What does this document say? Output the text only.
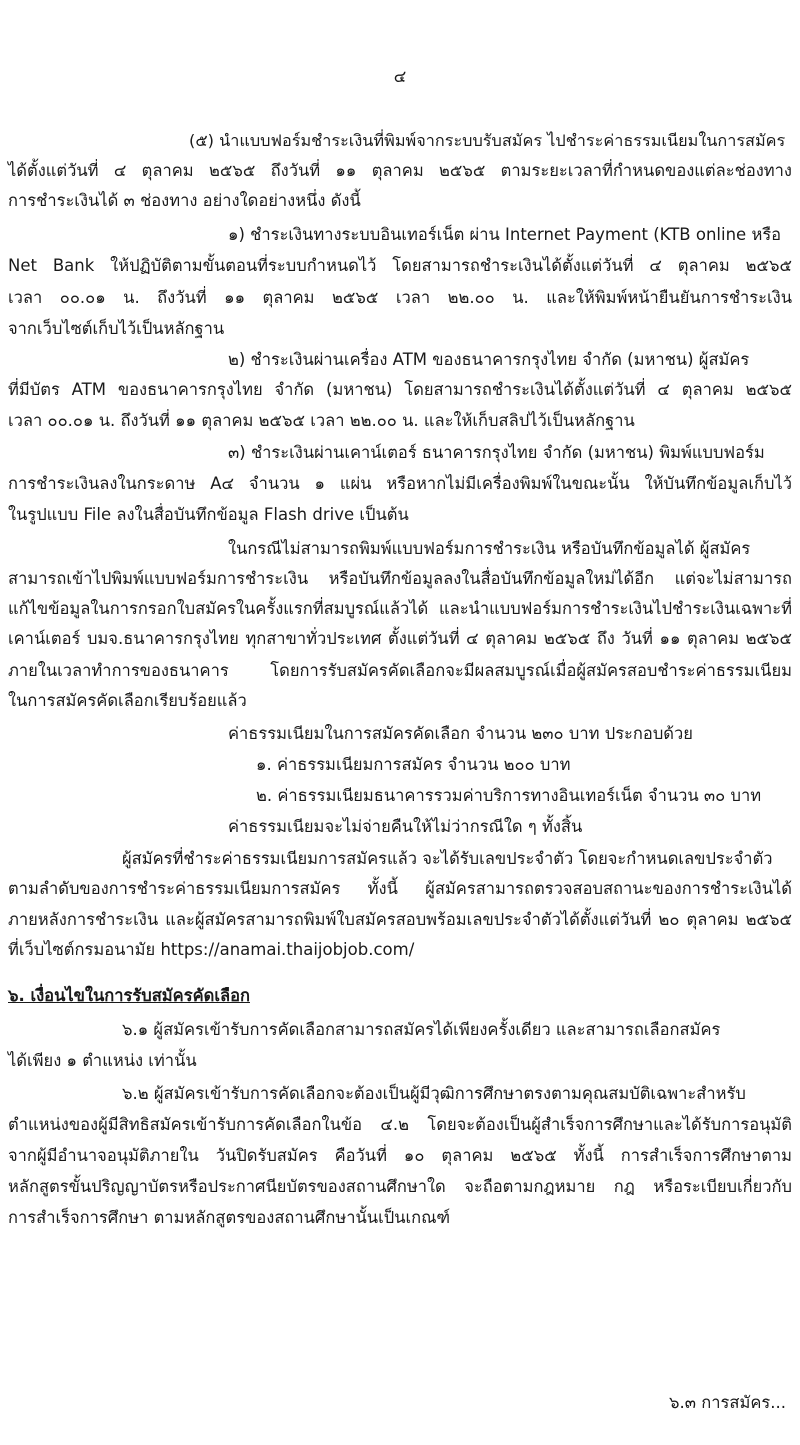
๔
(๕) นำแบบฟอร์มชำระเงินที่พิมพ์จากระบบรับสมัคร ไปชำระค่าธรรมเนียมในการสมัคร
ได้ตั้งแต่วันที่ ๔ ตุลาคม ๒๕๖๕ ถึงวันที่ ๑๑ ตุลาคม ๒๕๖๕ ตามระยะเวลาที่กำหนดของแต่ละช่องทาง
การชำระเงินได้ ๓ ช่องทาง อย่างใดอย่างหนึ่ง ดังนี้
๑) ชำระเงินทางระบบอินเทอร์เน็ต ผ่าน Internet Payment (KTB online หรือ
Net Bank ให้ปฏิบัติตามขั้นตอนที่ระบบกำหนดไว้ โดยสามารถชำระเงินได้ตั้งแต่วันที่ ๔ ตุลาคม ๒๕๖๕
เวลา ๐๐.๐๑ น. ถึงวันที่ ๑๑ ตุลาคม ๒๕๖๕ เวลา ๒๒.๐๐ น. และให้พิมพ์หน้ายืนยันการชำระเงิน
จากเว็บไซต์เก็บไว้เป็นหลักฐาน
๒) ชำระเงินผ่านเครื่อง ATM ของธนาคารกรุงไทย จำกัด (มหาชน) ผู้สมัคร
ที่มีบัตร ATM ของธนาคารกรุงไทย จำกัด (มหาชน) โดยสามารถชำระเงินได้ตั้งแต่วันที่ ๔ ตุลาคม ๒๕๖๕
เวลา ๐๐.๐๑ น. ถึงวันที่ ๑๑ ตุลาคม ๒๕๖๕ เวลา ๒๒.๐๐ น. และให้เก็บสลิปไว้เป็นหลักฐาน
๓) ชำระเงินผ่านเคาน์เตอร์ ธนาคารกรุงไทย จำกัด (มหาชน) พิมพ์แบบฟอร์ม
การชำระเงินลงในกระดาษ A๔ จำนวน ๑ แผ่น หรือหากไม่มีเครื่องพิมพ์ในขณะนั้น ให้บันทึกข้อมูลเก็บไว้
ในรูปแบบ File ลงในสื่อบันทึกข้อมูล Flash drive เป็นต้น
ในกรณีไม่สามารถพิมพ์แบบฟอร์มการชำระเงิน หรือบันทึกข้อมูลได้ ผู้สมัคร
สามารถเข้าไปพิมพ์แบบฟอร์มการชำระเงิน หรือบันทึกข้อมูลลงในสื่อบันทึกข้อมูลใหม่ได้อีก แต่จะไม่สามารถ
แก้ไขข้อมูลในการกรอกใบสมัครในครั้งแรกที่สมบูรณ์แล้วได้ และนำแบบฟอร์มการชำระเงินไปชำระเงินเฉพาะที่
เคาน์เตอร์ บมจ.ธนาคารกรุงไทย ทุกสาขาทั่วประเทศ ตั้งแต่วันที่ ๔ ตุลาคม ๒๕๖๕ ถึง วันที่ ๑๑ ตุลาคม ๒๕๖๕
ภายในเวลาทำการของธนาคาร โดยการรับสมัครคัดเลือกจะมีผลสมบูรณ์เมื่อผู้สมัครสอบชำระค่าธรรมเนียม
ในการสมัครคัดเลือกเรียบร้อยแล้ว
ค่าธรรมเนียมในการสมัครคัดเลือก จำนวน ๒๓๐ บาท ประกอบด้วย
๑. ค่าธรรมเนียมการสมัคร จำนวน ๒๐๐ บาท
๒. ค่าธรรมเนียมธนาคารรวมค่าบริการทางอินเทอร์เน็ต จำนวน ๓๐ บาท
ค่าธรรมเนียมจะไม่จ่ายคืนให้ไม่ว่ากรณีใด ๆ ทั้งสิ้น
ผู้สมัครที่ชำระค่าธรรมเนียมการสมัครแล้ว จะได้รับเลขประจำตัว โดยจะกำหนดเลขประจำตัว
ตามลำดับของการชำระค่าธรรมเนียมการสมัคร ทั้งนี้ ผู้สมัครสามารถตรวจสอบสถานะของการชำระเงินได้
ภายหลังการชำระเงิน และผู้สมัครสามารถพิมพ์ใบสมัครสอบพร้อมเลขประจำตัวได้ตั้งแต่วันที่ ๒๐ ตุลาคม ๒๕๖๕
ที่เว็บไซต์กรมอนามัย https://anamai.thaijobjob.com/
๖. เงื่อนไขในการรับสมัครคัดเลือก
๖.๑ ผู้สมัครเข้ารับการคัดเลือกสามารถสมัครได้เพียงครั้งเดียว และสามารถเลือกสมัคร
ได้เพียง ๑ ตำแหน่ง เท่านั้น
๖.๒ ผู้สมัครเข้ารับการคัดเลือกจะต้องเป็นผู้มีวุฒิการศึกษาตรงตามคุณสมบัติเฉพาะสำหรับ
ตำแหน่งของผู้มีสิทธิสมัครเข้ารับการคัดเลือกในข้อ ๔.๒ โดยจะต้องเป็นผู้สำเร็จการศึกษาและได้รับการอนุมัติ
จากผู้มีอำนาจอนุมัติภายใน วันปิดรับสมัคร คือวันที่ ๑๐ ตุลาคม ๒๕๖๕ ทั้งนี้ การสำเร็จการศึกษาตาม
หลักสูตรขั้นปริญญาบัตรหรือประกาศนียบัตรของสถานศึกษาใด จะถือตามกฎหมาย กฎ หรือระเบียบเกี่ยวกับ
การสำเร็จการศึกษา ตามหลักสูตรของสถานศึกษานั้นเป็นเกณฑ์
๖.๓ การสมัคร...
